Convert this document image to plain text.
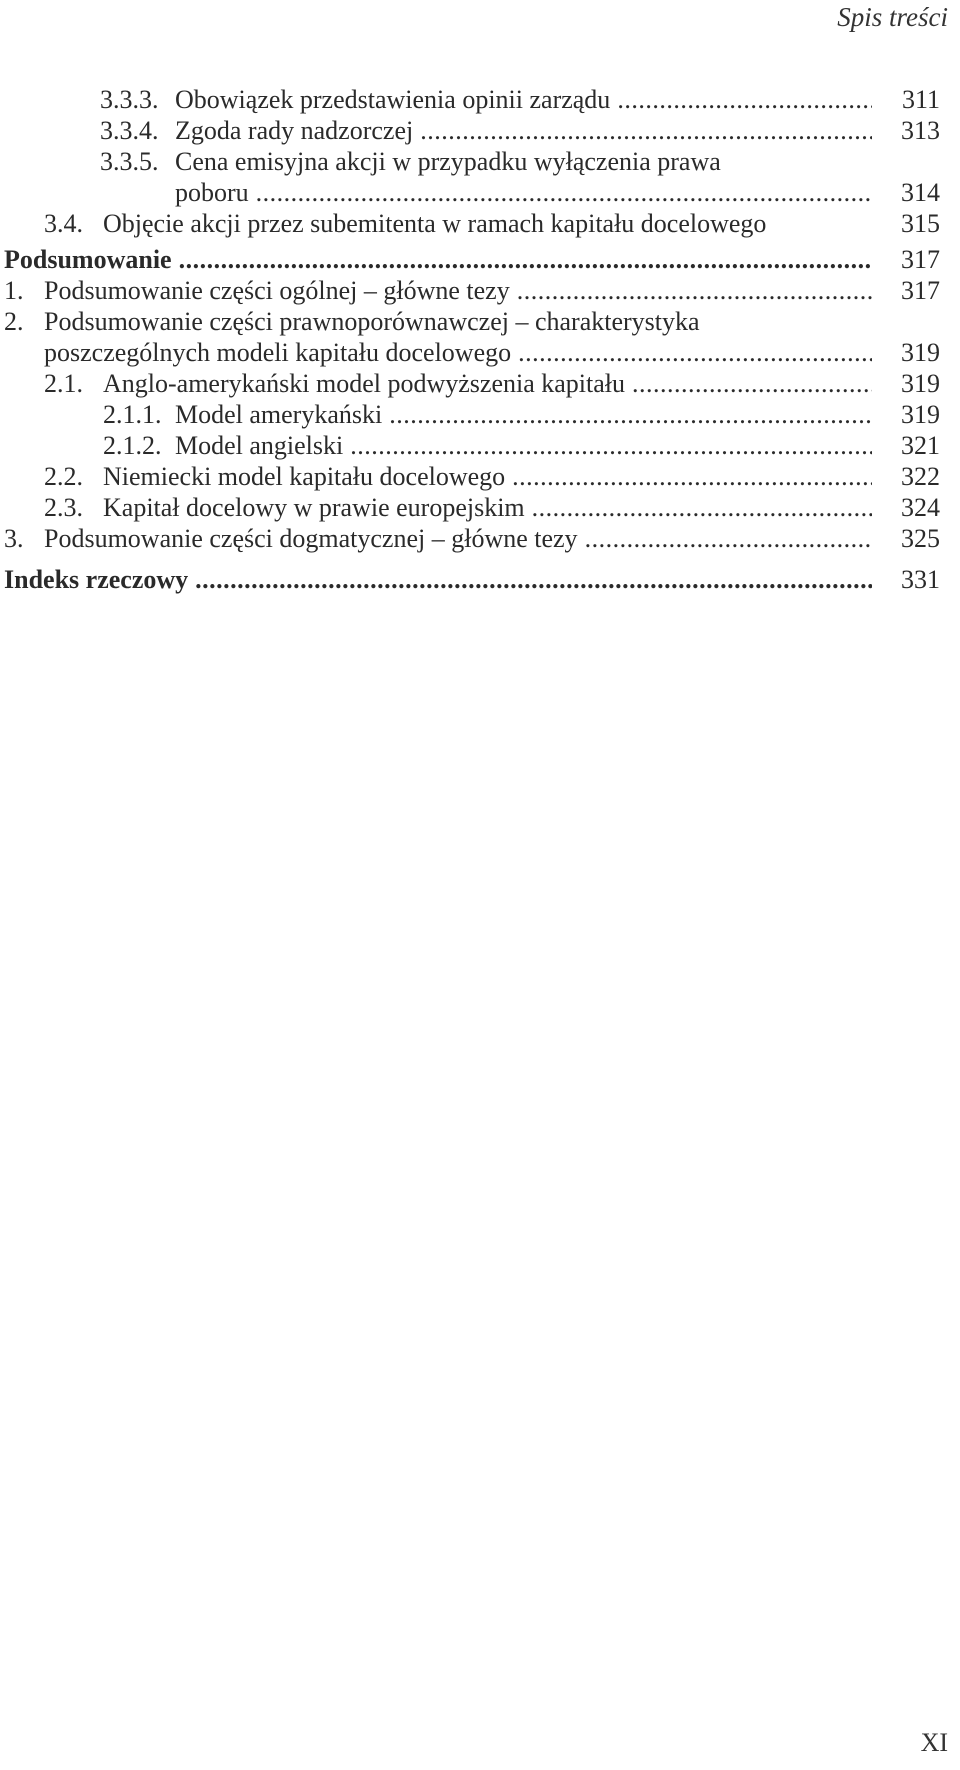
Spis treści
3.3.3. Obowiązek przedstawienia opinii zarządu .....	311
3.3.4. Zgoda rady nadzorczej .....	313
3.3.5. Cena emisyjna akcji w przypadku wyłączenia prawa
poboru .....	314
3.4. Objęcie akcji przez subemitenta w ramach kapitału docelowego	315
Podsumowanie .....	317
1. Podsumowanie części ogólnej – główne tezy .....	317
2. Podsumowanie części prawnoporównawczej – charakterystyka
poszczególnych modeli kapitału docelowego .....	319
2.1. Anglo-amerykański model podwyższenia kapitału .....	319
2.1.1. Model amerykański .....	319
2.1.2. Model angielski .....	321
2.2. Niemiecki model kapitału docelowego .....	322
2.3. Kapitał docelowy w prawie europejskim .....	324
3. Podsumowanie części dogmatycznej – główne tezy .....	325
Indeks rzeczowy .....	331
XI
